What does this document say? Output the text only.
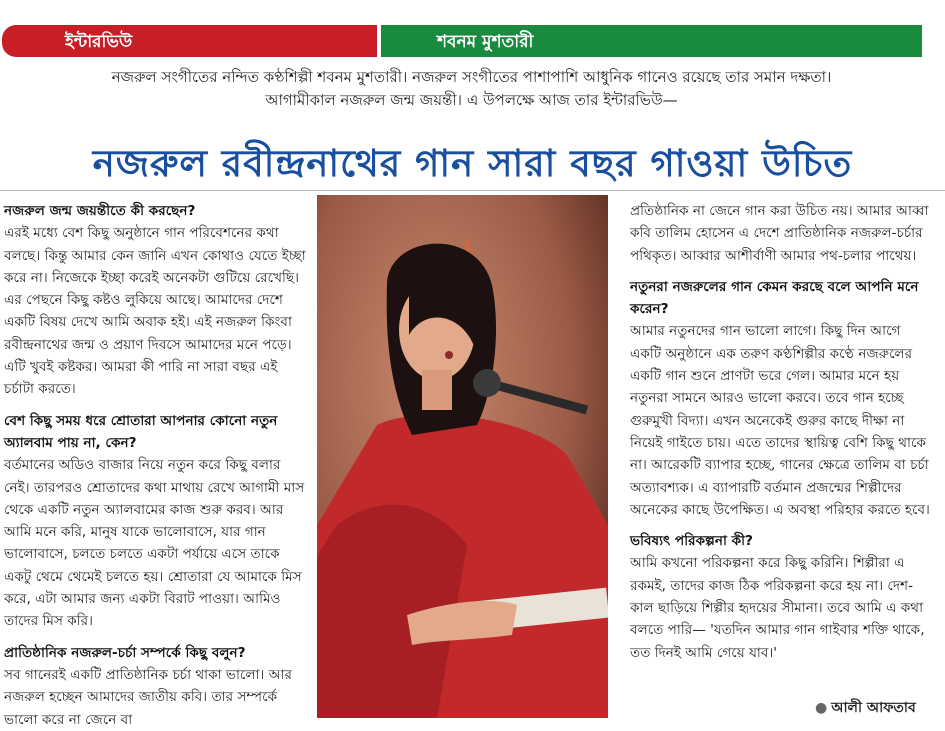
ইন্টারভিউ	শবনম মুশতারী
নজরুল সংগীতের নন্দিত কণ্ঠশিল্পী শবনম মুশতারী। নজরুল সংগীতের পাশাপাশি আধুনিক গানেও রয়েছে তার সমান দক্ষতা।
আগামীকাল নজরুল জন্ম জয়ন্তী। এ উপলক্ষে আজ তার ইন্টারভিউ—
নজরুল রবীন্দ্রনাথের গান সারা বছর গাওয়া উচিত

নজরুল জন্ম জয়ন্তীতে কী করছেন?

এরই মধ্যে বেশ কিছু অনুষ্ঠানে গান পরিবেশনের কথা বলছে। কিন্তু আমার কেন জানি এখন কোথাও যেতে ইচ্ছা করে না। নিজেকে ইচ্ছা করেই অনেকটা গুটিয়ে রেখেছি। এর পেছনে কিছু কষ্টও লুকিয়ে আছে। আমাদের দেশে একটি বিষয় দেখে আমি অবাক হই। এই নজরুল কিংবা রবীন্দ্রনাথের জন্ম ও প্রয়াণ দিবসে আমাদের মনে পড়ে। এটি খুবই কষ্টকর। আমরা কী পারি না সারা বছর এই চর্চাটা করতে।

বেশ কিছু সময় ধরে শ্রোতারা আপনার কোনো নতুন অ্যালবাম পায় না, কেন?

বর্তমানের অডিও বাজার নিয়ে নতুন করে কিছু বলার নেই। তারপরও শ্রোতাদের কথা মাথায় রেখে আগামী মাস থেকে একটি নতুন অ্যালবামের কাজ শুরু করব। আর আমি মনে করি, মানুষ যাকে ভালোবাসে, যার গান ভালোবাসে, চলতে চলতে একটা পর্যায়ে এসে তাকে একটু থেমে থেমেই চলতে হয়। শ্রোতারা যে আমাকে মিস করে, এটা আমার জন্য একটা বিরাট পাওয়া। আমিও তাদের মিস করি।

প্রাতিষ্ঠানিক নজরুল-চর্চা সম্পর্কে কিছু বলুন?

সব গানেরই একটি প্রাতিষ্ঠানিক চর্চা থাকা ভালো। আর নজরুল হচ্ছেন আমাদের জাতীয় কবি। তার সম্পর্কে ভালো করে না জেনে বা

প্রতিষ্ঠানিক না জেনে গান করা উচিত নয়। আমার আব্বা কবি তালিম হোসেন এ দেশে প্রাতিষ্ঠানিক নজরুল-চর্চার পথিকৃত। আব্বার আশীর্বাণী আমার পথ-চলার পাথেয়।

নতুনরা নজরুলের গান কেমন করছে বলে আপনি মনে করেন?

আমার নতুনদের গান ভালো লাগে। কিছু দিন আগে একটি অনুষ্ঠানে এক তরুণ কণ্ঠশিল্পীর কণ্ঠে নজরুলের একটি গান শুনে প্রাণটা ভরে গেল। আমার মনে হয় নতুনরা সামনে আরও ভালো করবে। তবে গান হচ্ছে গুরুমুখী বিদ্যা। এখন অনেকেই গুরুর কাছে দীক্ষা না নিয়েই গাইতে চায়। এতে তাদের স্থায়িত্ব বেশি কিছু থাকে না। আরেকটি ব্যাপার হচ্ছে, গানের ক্ষেত্রে তালিম বা চর্চা অত্যাবশ্যক। এ ব্যাপারটি বর্তমান প্রজন্মের শিল্পীদের অনেকের কাছে উপেক্ষিত। এ অবস্থা পরিহার করতে হবে।

ভবিষ্যৎ পরিকল্পনা কী?

আমি কখনো পরিকল্পনা করে কিছু করিনি। শিল্পীরা এ রকমই, তাদের কাজ ঠিক পরিকল্পনা করে হয় না। দেশ-কাল ছাড়িয়ে শিল্পীর হৃদয়ের সীমানা। তবে আমি এ কথা বলতে পারি— 'যতদিন আমার গান গাইবার শক্তি থাকে, তত দিনই আমি গেয়ে যাব।'

● আলী আফতাব
